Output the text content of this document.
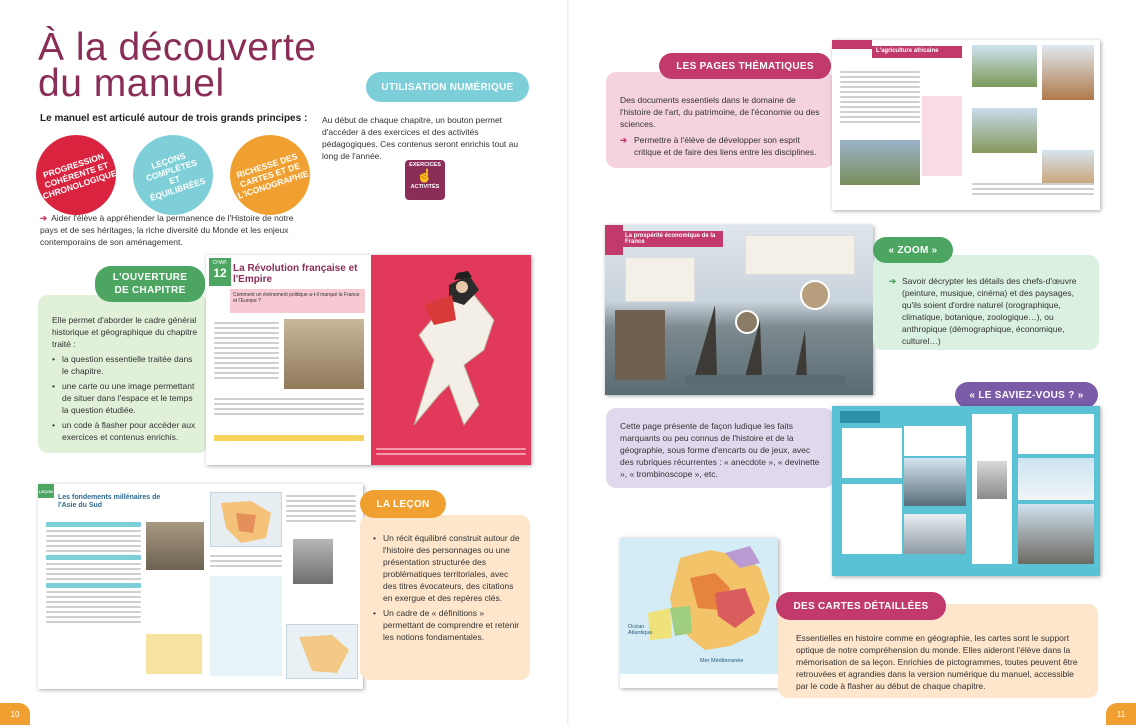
À la découverte
du manuel
Le manuel est articulé autour de trois grands principes :
PROGRESSION COHÉRENTE ET CHRONOLOGIQUE
LEÇONS COMPLÈTES ET ÉQUILIBRÉES
RICHESSE DES CARTES ET DE L'ICONOGRAPHIE
➔ Aider l'élève à appréhender la permanence de l'Histoire de notre pays et de ses héritages, la riche diversité du Monde et les enjeux contemporains de son aménagement.
UTILISATION NUMÉRIQUE
Au début de chaque chapitre, un bouton permet d'accéder à des exercices et des activités pédagogiques. Ces contenus seront enrichis tout au long de l'année.
EXERCICES
☝
ACTIVITÉS
L'OUVERTURE
DE CHAPITRE
Elle permet d'aborder le cadre général historique et géographique du chapitre traité :
• la question essentielle traitée dans le chapitre.
• une carte ou une image permettant de situer dans l'espace et le temps la question étudiée.
• un code à flasher pour accéder aux exercices et contenus enrichis.
CHAP.
12 La Révolution française et l'Empire
Comment un événement politique a-t-il marqué la France et l'Europe ?
LEÇON
Les fondements millénaires de l'Asie du Sud	LA LEÇON
• Un récit équilibré construit autour de l'histoire des personnages ou une présentation structurée des problématiques territoriales, avec des titres évocateurs, des citations en exergue et des repères clés.
• Un cadre de « définitions » permettant de comprendre et retenir les notions fondamentales.
10
LES PAGES THÉMATIQUES
Des documents essentiels dans le domaine de l'histoire de l'art, du patrimoine, de l'économie ou des sciences.
➔ Permettre à l'élève de développer son esprit critique et de faire des liens entre les disciplines.
L'agriculture africaine
La prospérité économique de la France
« ZOOM »
➔ Savoir décrypter les détails des chefs-d'œuvre (peinture, musique, cinéma) et des paysages, qu'ils soient d'ordre naturel (orographique, climatique, botanique, zoologique…), ou anthropique (démographique, économique, culturel…)
« LE SAVIEZ-VOUS ? »
Cette page présente de façon ludique les faits marquants ou peu connus de l'histoire et de la géographie, sous forme d'encarts ou de jeux, avec des rubriques récurrentes : « anecdote », « devinette », « trombinoscope », etc.
Océan Atlantique
Mer Méditerranée
DES CARTES DÉTAILLÉES
Essentielles en histoire comme en géographie, les cartes sont le support optique de notre compréhension du monde. Elles aideront l'élève dans la mémorisation de sa leçon. Enrichies de pictogrammes, toutes peuvent être retrouvées et agrandies dans la version numérique du manuel, accessible par le code à flasher au début de chaque chapitre.
11
